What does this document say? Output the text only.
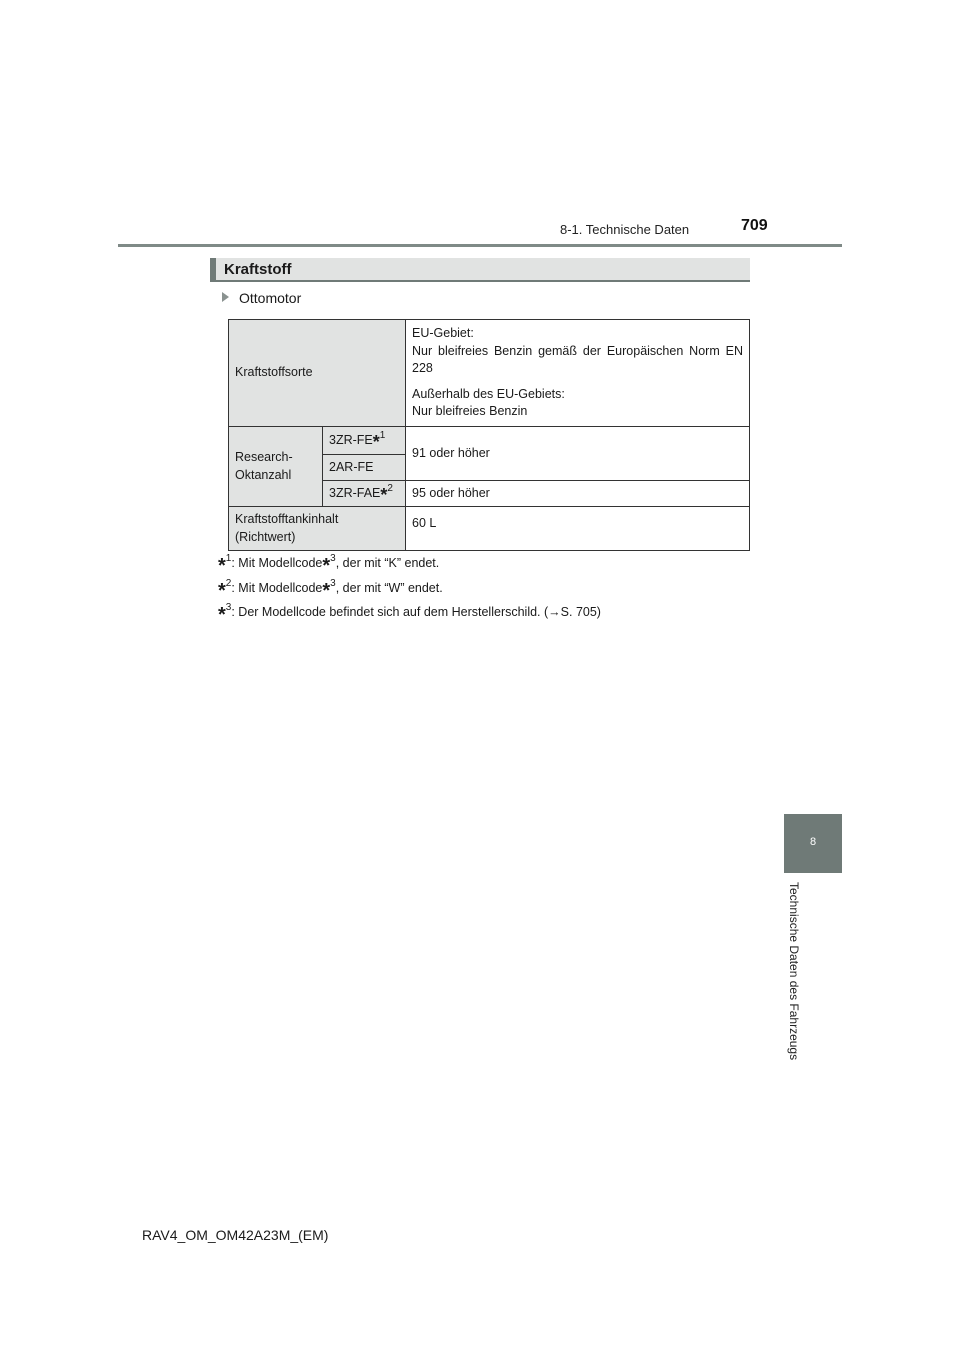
8-1. Technische Daten	709
Kraftstoff
Ottomotor
Kraftstoffsorte		EU-Gebiet:

Nur bleifreies Benzin gemäß der Europäischen Norm EN 228

Außerhalb des EU-Gebiets:

Nur bleifreies Benzin

Research-Oktanzahl	3ZR-FE$^{*1}$	91 oder höher
	2AR-FE	
	3ZR-FAE$^{*2}$	95 oder höher
Kraftstofftankinhalt (Richtwert)		60 L
*$^1$: Mit Modellcode*$^3$, der mit “K” endet.
*$^2$: Mit Modellcode*$^3$, der mit “W” endet.
*$^3$: Der Modellcode befindet sich auf dem Herstellerschild. (→S. 705)
8
Technische Daten des Fahrzeugs
RAV4_OM_OM42A23M_(EM)
